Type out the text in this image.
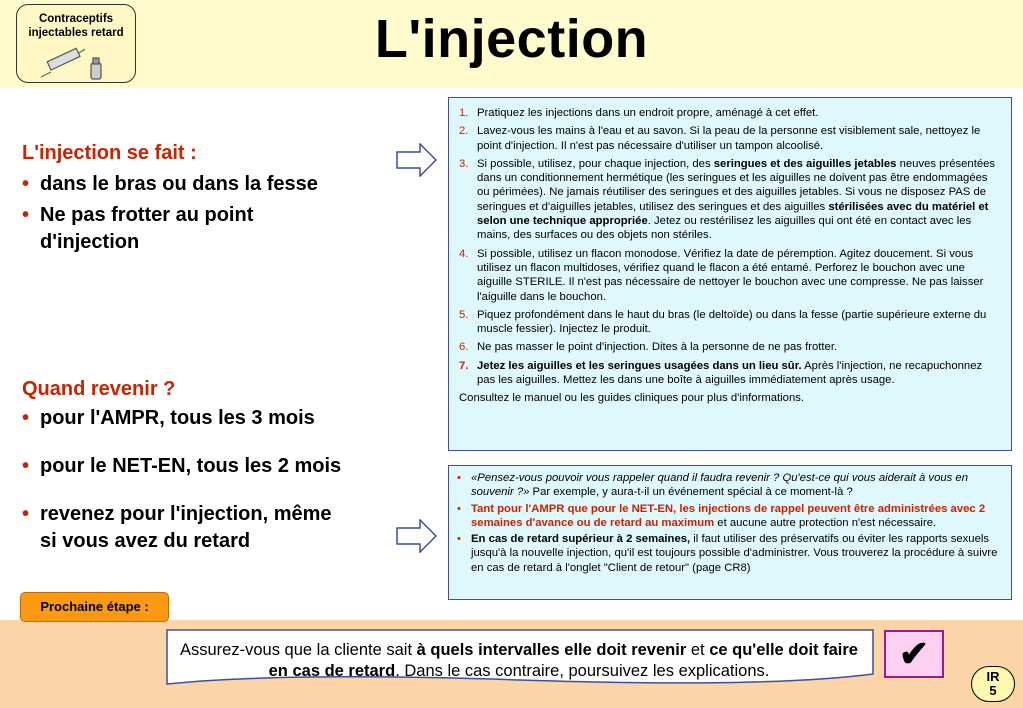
Contraceptifs
injectables retard	L'injection
L'injection se fait :
• dans le bras ou dans la fesse
• Ne pas frotter au point
d'injection
Quand revenir ?
• pour l'AMPR, tous les 3 mois
• pour le NET-EN, tous les 2 mois
• revenez pour l'injection, même
si vous avez du retard
1. Pratiquez les injections dans un endroit propre, aménagé à cet effet.
2. Lavez-vous les mains à l'eau et au savon. Si la peau de la personne est visiblement sale, nettoyez le point d'injection. Il n'est pas nécessaire d'utiliser un tampon alcoolisé.
3. Si possible, utilisez, pour chaque injection, des seringues et des aiguilles jetables neuves présentées dans un conditionnement hermétique (les seringues et les aiguilles ne doivent pas être endommagées ou périmées). Ne jamais réutiliser des seringues et des aiguilles jetables. Si vous ne disposez PAS de seringues et d'aiguilles jetables, utilisez des seringues et des aiguilles stérilisées avec du matériel et selon une technique appropriée. Jetez ou restérilisez les aiguilles qui ont été en contact avec les mains, des surfaces ou des objets non stériles.
4. Si possible, utilisez un flacon monodose. Vérifiez la date de péremption. Agitez doucement. Si vous utilisez un flacon multidoses, vérifiez quand le flacon a été entamé. Perforez le bouchon avec une aiguille STERILE. Il n'est pas nécessaire de nettoyer le bouchon avec une compresse. Ne pas laisser l'aiguille dans le bouchon.
5. Piquez profondément dans le haut du bras (le deltoïde) ou dans la fesse (partie supérieure externe du muscle fessier). Injectez le produit.
6. Ne pas masser le point d'injection. Dites à la personne de ne pas frotter.
7. Jetez les aiguilles et les seringues usagées dans un lieu sûr. Après l'injection, ne recapuchonnez pas les aiguilles. Mettez les dans une boîte à aiguilles immédiatement après usage.
Consultez le manuel ou les guides cliniques pour plus d'informations.
• «Pensez-vous pouvoir vous rappeler quand il faudra revenir ? Qu'est-ce qui vous aiderait à vous en souvenir ?» Par exemple, y aura-t-il un événement spécial à ce moment-là ?
• Tant pour l'AMPR que pour le NET-EN, les injections de rappel peuvent être administrées avec 2 semaines d'avance ou de retard au maximum et aucune autre protection n'est nécessaire.
• En cas de retard supérieur à 2 semaines, il faut utiliser des préservatifs ou éviter les rapports sexuels jusqu'à la nouvelle injection, qu'il est toujours possible d'administrer. Vous trouverez la procédure à suivre en cas de retard à l'onglet "Client de retour" (page CR8)
Prochaine étape :
Assurez-vous que la cliente sait à quels intervalles elle doit revenir et ce qu'elle doit faire en cas de retard. Dans le cas contraire, poursuivez les explications.	✔
IR
5
